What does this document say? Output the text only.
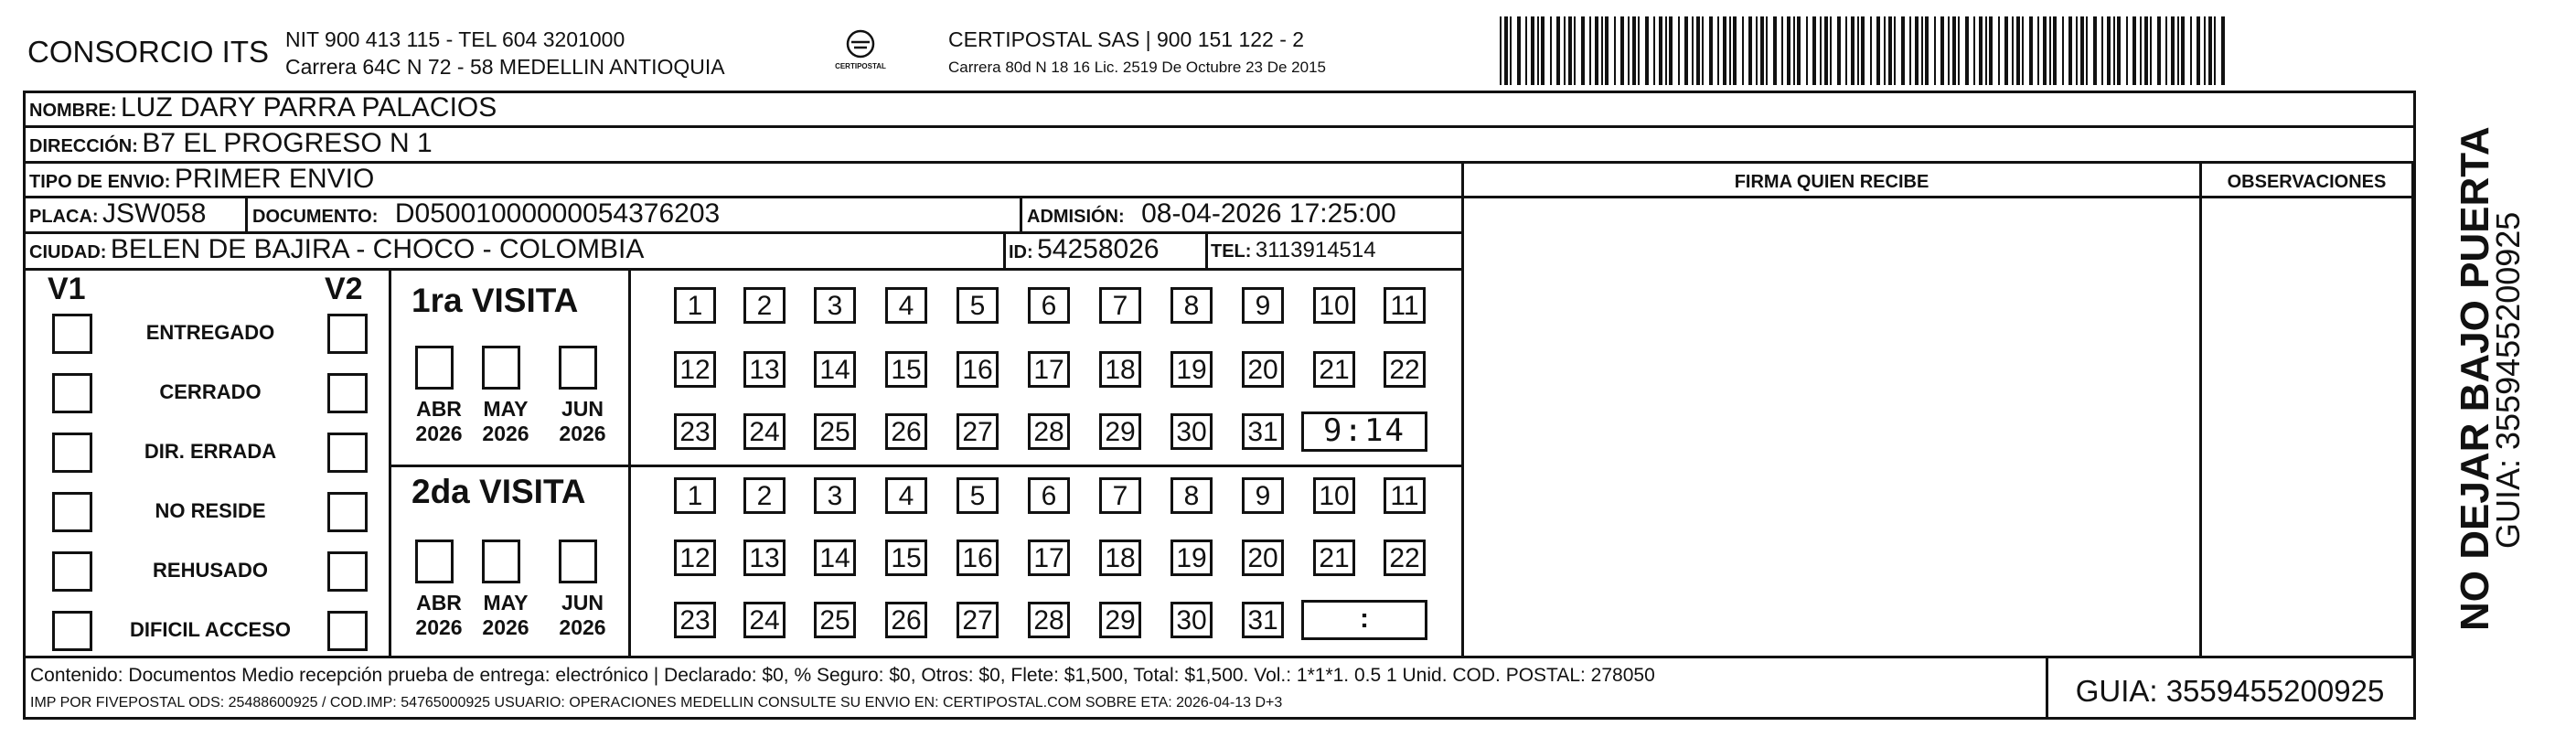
CONSORCIO ITS NIT 900 413 115 - TEL 604 3201000
Carrera 64C N 72 - 58 MEDELLIN ANTIOQUIA	CERTIPOSTAL
CERTIPOSTAL SAS | 900 151 122 - 2
Carrera 80d N 18 16 Lic. 2519 De Octubre 23 De 2015
NOMBRE: LUZ DARY PARRA PALACIOS
DIRECCIÓN: B7 EL PROGRESO N 1
TIPO DE ENVIO: PRIMER ENVIO	FIRMA QUIEN RECIBE	OBSERVACIONES
PLACA: JSW058	DOCUMENTO: D05001000000054376203	ADMISIÓN: 08-04-2026 17:25:00
CIUDAD: BELEN DE BAJIRA - CHOCO - COLOMBIA	ID: 54258026	TEL: 3113914514
V1	V2
ENTREGADO
CERRADO
DIR. ERRADA
NO RESIDE
REHUSADO
DIFICIL ACCESO
1ra VISITA
ABR
2026
MAY
2026
JUN
2026
1	2	3	4	5	6	7	8	9	10 11
12 13 14 15 16 17 18 19 20 21 22
23 24 25 26 27 28 29 30 31	9:14
2da VISITA
ABR
2026
MAY
2026
JUN
2026
1	2	3	4	5	6	7	8	9	10 11
12 13 14 15 16 17 18 19 20 21 22
23 24 25 26 27 28 29 30 31	:
Contenido: Documentos Medio recepción prueba de entrega: electrónico | Declarado: $0, % Seguro: $0, Otros: $0, Flete: $1,500, Total: $1,500. Vol.: 1*1*1. 0.5 1 Unid. COD. POSTAL: 278050
IMP POR FIVEPOSTAL ODS: 25488600925 / COD.IMP: 54765000925 USUARIO: OPERACIONES MEDELLIN CONSULTE SU ENVIO EN: CERTIPOSTAL.COM SOBRE ETA: 2026-04-13 D+3	GUIA: 3559455200925
NO DEJAR BAJO PUERTA
GUIA: 3559455200925
